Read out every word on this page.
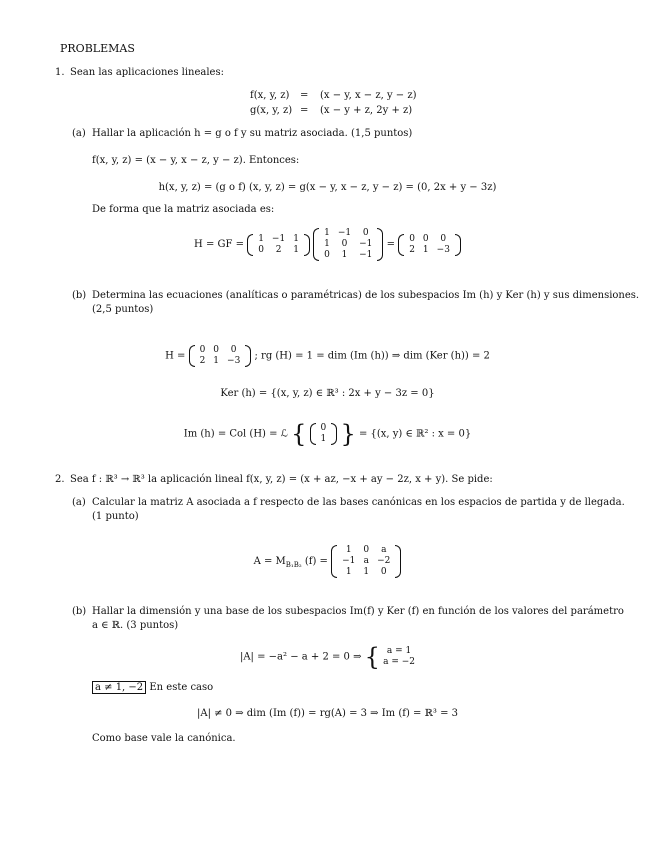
PROBLEMAS
1. Sean las aplicaciones lineales:
f(x, y, z) = (x − y, x − z, y − z)
g(x, y, z) = (x − y + z, 2y + z)
(a) Hallar la aplicación h = g o f y su matriz asociada. (1,5 puntos)
f(x, y, z) = (x − y, x − z, y − z). Entonces:
h(x, y, z) = (g o f) (x, y, z) = g(x − y, x − z, y − z) = (0, 2x + y − 3z)
De forma que la matriz asociada es:
H = GF =
1	−1	1
0	2	1

1	−1	0
1	0	−1
0	1	−1
=
0	0	0
2	1	−3
(b) Determina las ecuaciones (analíticas o paramétricas) de los subespacios Im (h) y Ker (h) y sus dimensiones.
(2,5 puntos)
H =
0	0	0
2	1	−3 ; rg (H) = 1 = dim (Im (h)) ⇒ dim (Ker (h)) = 2
Ker (h) = {(x, y, z) ∈ ℝ³ : 2x + y − 3z = 0}
Im (h) = Col (H) = ℒ { 0
1 } = {(x, y) ∈ ℝ² : x = 0}
2. Sea f : ℝ³ → ℝ³ la aplicación lineal f(x, y, z) = (x + az, −x + ay − 2z, x + y). Se pide:
(a) Calcular la matriz A asociada a f respecto de las bases canónicas en los espacios de partida y de llegada.
(1 punto)
$A = M_{B_1B_2}$ (f) =
1	0	a
−1	a	−2
1	1	0
(b) Hallar la dimensión y una base de los subespacios Im(f) y Ker (f) en función de los valores del parámetro
a ∈ ℝ. (3 puntos)
|A| = −a² − a + 2 = 0 ⇒ { a = 1
a = −2
a ≠ 1, −2 En este caso
|A| ≠ 0 ⇒ dim (Im (f)) = rg(A) = 3 ⇒ Im (f) = ℝ³ = 3
Como base vale la canónica.
